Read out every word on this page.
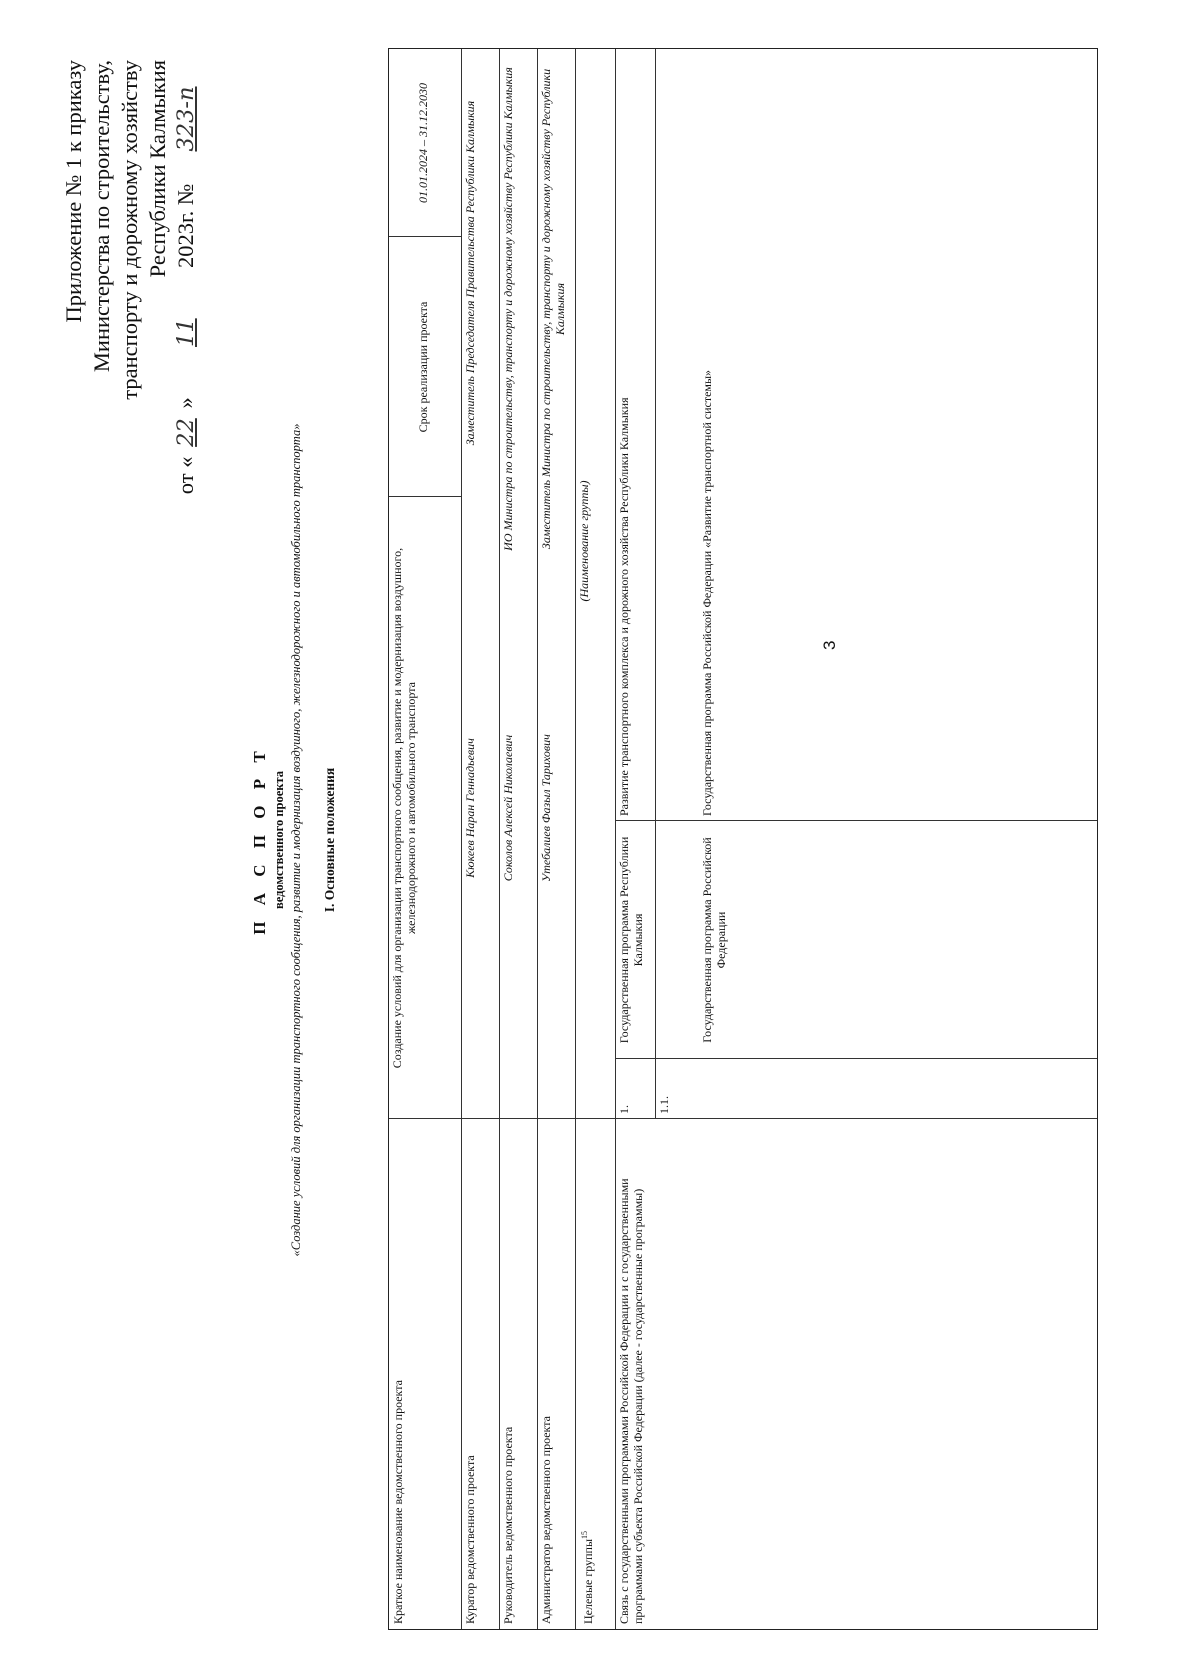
Приложение № 1 к приказу Министерства по строительству, транспорту и дорожному хозяйству Республики Калмыкия
от «22» 11 2023г. № 323-п
П А С П О Р Т ведомственного проекта «Создание условий для организации транспортного сообщения, развитие и модернизация воздушного, железнодорожного и автомобильного транспорта» I. Основные положения
Краткое наименование ведомственного проекта
Создание условий для организации транспортного сообщения, развитие и модернизация воздушного, железнодорожного и автомобильного транспорта
Срок реализации проекта
01.01.2024 – 31.12.2030
Куратор ведомственного проекта
Кюкеев Наран Геннадьевич
Заместитель Председателя Правительства Республики Калмыкия
Руководитель ведомственного проекта
Соколов Алексей Николаевич
ИО Министра по строительству, транспорту и дорожному хозяйству Республики Калмыкия
Администратор ведомственного проекта
Утебалиев Фазыл Тарихович
Заместитель Министра по строительству, транспорту и дорожному хозяйству Республики Калмыкия
Целевые группы$^{15}$
(Наименование группы)
Связь с государственными программами Российской Федерации и с государственными программами субъекта Российской Федерации (далее - государственные программы)
1.
Государственная программа Республики Калмыкия
Развитие транспортного комплекса и дорожного хозяйства Республики Калмыкия
1.1.
Государственная программа Российской Федерации
Государственная программа Российской Федерации «Развитие транспортной системы»	3
